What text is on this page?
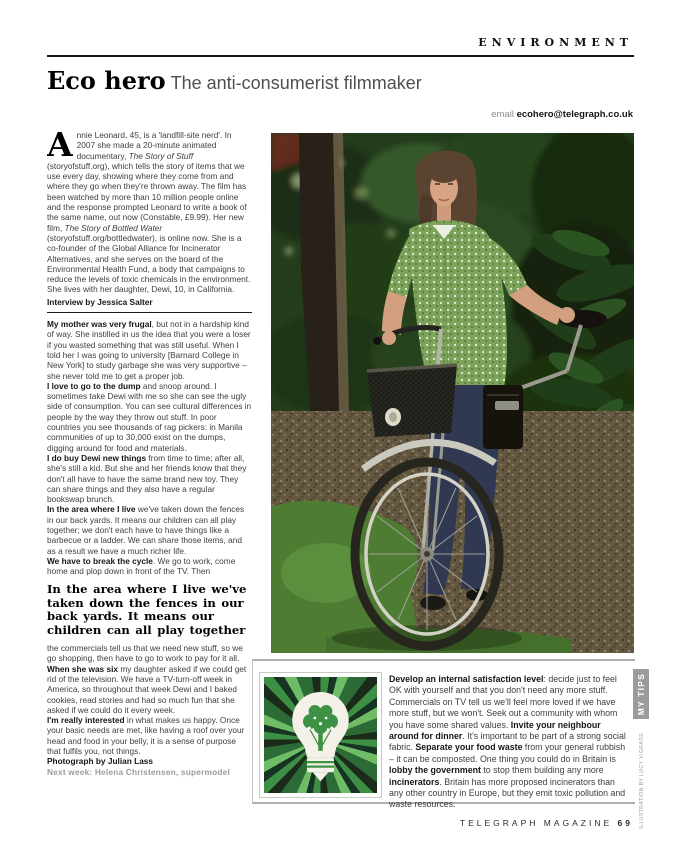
ENVIRONMENT
Eco hero The anti-consumerist filmmaker
email ecohero@telegraph.co.uk

Annie Leonard, 45, is a 'landfill-site nerd'. In 2007 she made a 20-minute animated documentary, The Story of Stuff (storyofstuff.org), which tells the story of items that we use every day, showing where they come from and where they go when they're thrown away. The film has been watched by more than 10 million people online and the response prompted Leonard to write a book of the same name, out now (Constable, £9.99). Her new film, The Story of Bottled Water (storyofstuff.org/bottledwater), is online now. She is a co-founder of the Global Alliance for Incinerator Alternatives, and she serves on the board of the Environmental Health Fund, a body that campaigns to reduce the levels of toxic chemicals in the environment. She lives with her daughter, Dewi, 10, in California.

Interview by Jessica Salter

My mother was very frugal, but not in a hardship kind of way. She instilled in us the idea that you were a loser if you wasted something that was still useful. When I told her I was going to university [Barnard College in New York] to study garbage she was very supportive – she never told me to get a proper job.

I love to go to the dump and snoop around. I sometimes take Dewi with me so she can see the ugly side of consumption. You can see cultural differences in people by the way they throw out stuff. In poor countries you see thousands of rag pickers: in Manila communities of up to 30,000 exist on the dumps, digging around for food and materials.

I do buy Dewi new things from time to time; after all, she's still a kid. But she and her friends know that they don't all have to have the same brand new toy. They can share things and they also have a regular bookswap brunch.

In the area where I live we've taken down the fences in our back yards. It means our children can all play together; we don't each have to have things like a barbecue or a ladder. We can share those items, and as a result we have a much richer life.

We have to break the cycle. We go to work, come home and plop down in front of the TV. Then

In the area where I live we've taken down the fences in our back yards. It means our children can all play together

the commercials tell us that we need new stuff, so we go shopping, then have to go to work to pay for it all.

When she was six my daughter asked if we could get rid of the television. We have a TV-turn-off week in America, so throughout that week Dewi and I baked cookies, read stories and had so much fun that she asked if we could do it every week.

I'm really interested in what makes us happy. Once your basic needs are met, like having a roof over your head and food in your belly, it is a sense of purpose that fulfils you, not things.

Photograph by Julian Lass
Next week: Helena Christensen, supermodel
Develop an internal satisfaction level: decide just to feel OK with yourself and that you don't need any more stuff. Commercials on TV tell us we'll feel more loved if we have more stuff, but we won't. Seek out a community with whom you have some shared values. Invite your neighbour around for dinner. It's important to be part of a strong social fabric. Separate your food waste from your general rubbish – it can be composted. One thing you could do in Britain is lobby the government to stop them building any more incinerators. Britain has more proposed incinerators than any other country in Europe, but they emit toxic pollution and waste resources.
MY TIPS
ILLUSTRATION BY LUCY VIGRASS
TELEGRAPH MAGAZINE 69
